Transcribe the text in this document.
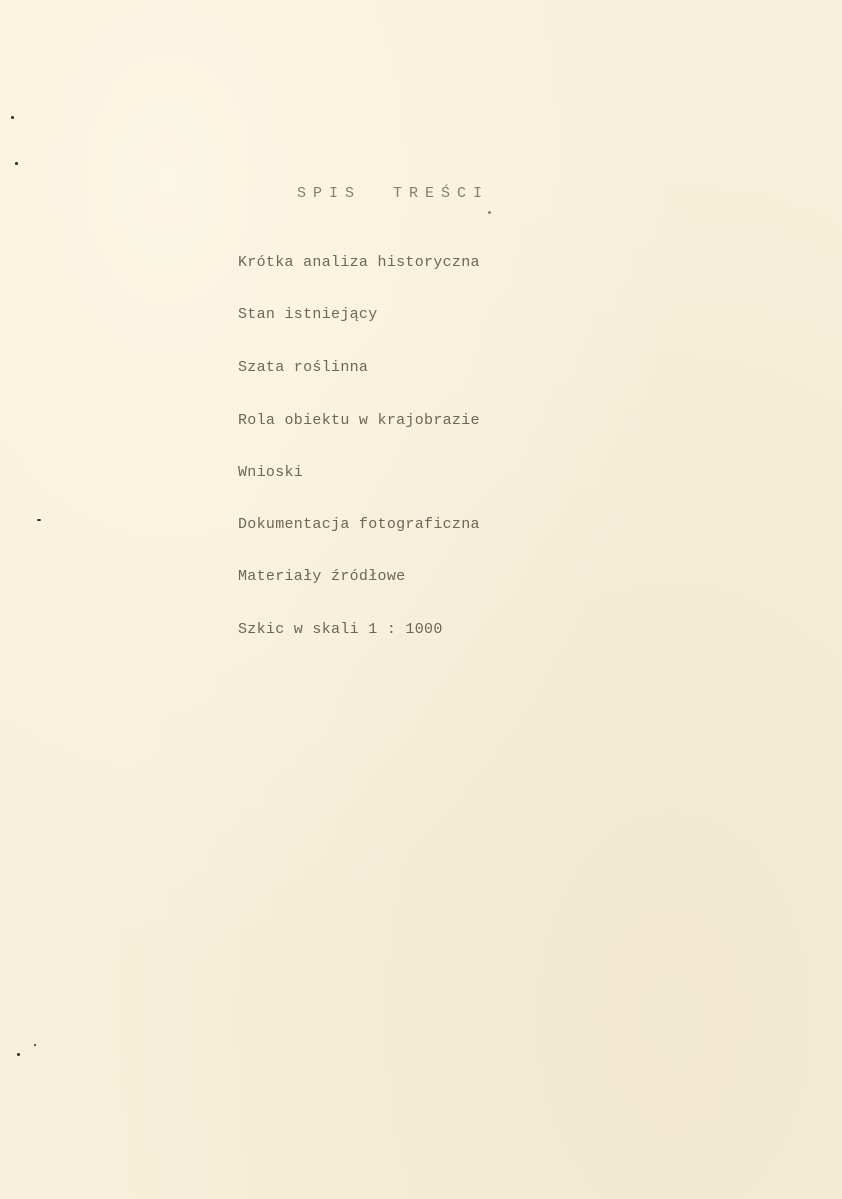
SPIS  TREŚCI
Krótka analiza historyczna
Stan istniejący
Szata roślinna
Rola obiektu w krajobrazie
Wnioski
Dokumentacja fotograficzna
Materiały źródłowe
Szkic w skali 1 : 1000
